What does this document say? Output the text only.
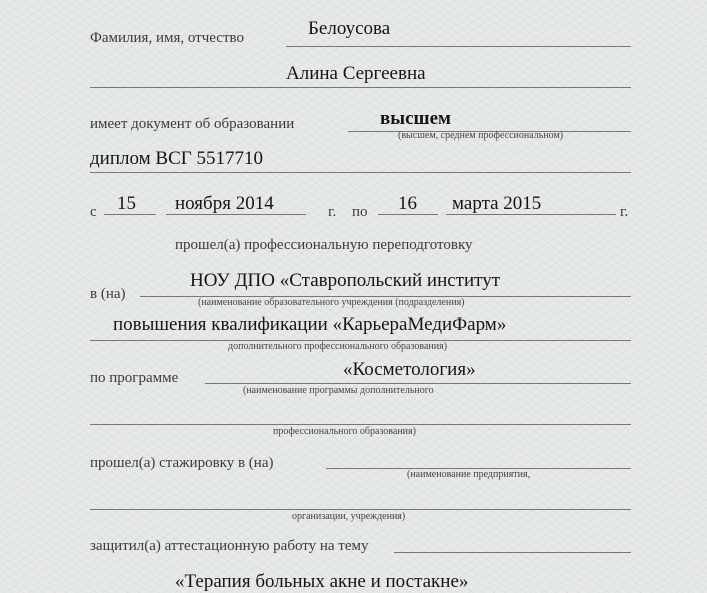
Фамилия, имя, отчество	Белоусова
Алина Сергеевна
имеет документ об образовании	высшем
(высшем, среднем профессиональном)
диплом ВСГ 5517710
с 15 ноября 2014	г. по 16 марта 2015	г.
прошел(а) профессиональную переподготовку
в (на)
НОУ ДПО «Ставропольский институт
(наименование образовательного учреждения (подразделения)
повышения квалификации «КарьераМедиФарм»
дополнительного профессионального образования)
по программе	«Косметология»
(наименование программы дополнительного
профессионального образования)
прошел(а) стажировку в (на)
(наименование предприятия,
организации, учреждения)
защитил(а) аттестационную работу на тему
«Терапия больных акне и постакне»
